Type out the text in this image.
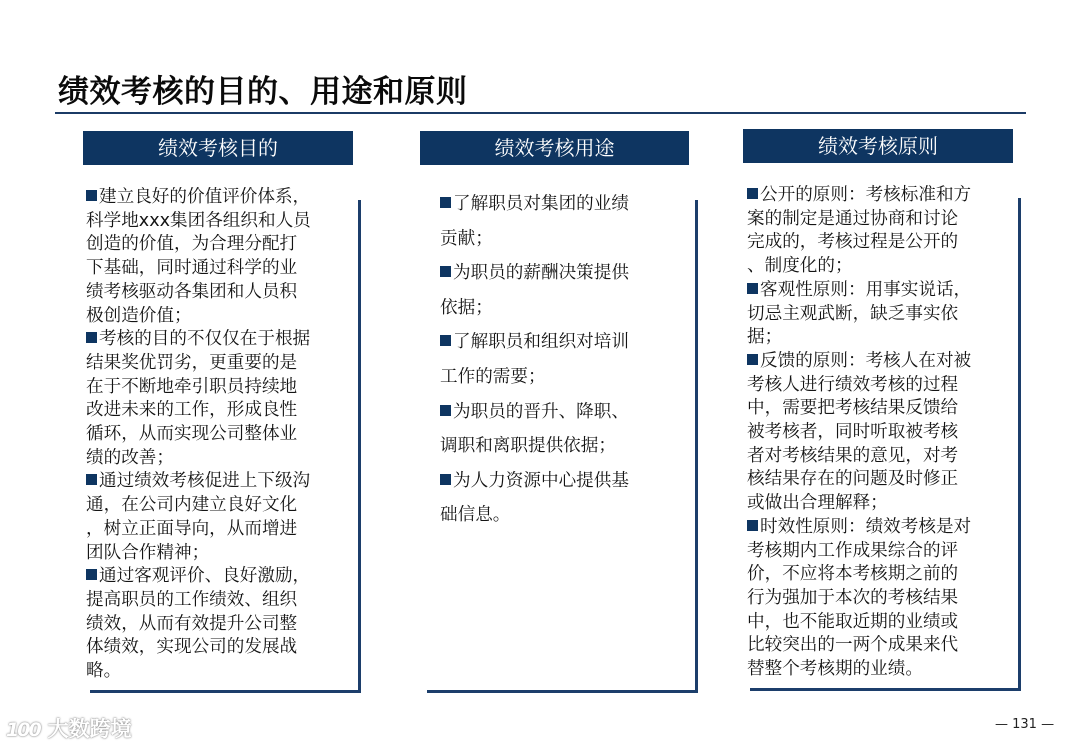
绩效考核的目的、用途和原则
绩效考核目的

建立良好的价值评价体系，

科学地xxx集团各组织和人员

创造的价值，为合理分配打

下基础，同时通过科学的业

绩考核驱动各集团和人员积

极创造价值；

考核的目的不仅仅在于根据

结果奖优罚劣，更重要的是

在于不断地牵引职员持续地

改进未来的工作，形成良性

循环，从而实现公司整体业

绩的改善；

通过绩效考核促进上下级沟

通，在公司内建立良好文化

，树立正面导向，从而增进

团队合作精神；

通过客观评价、良好激励，

提高职员的工作绩效、组织

绩效，从而有效提升公司整

体绩效，实现公司的发展战

略。

绩效考核用途

了解职员对集团的业绩

贡献；

为职员的薪酬决策提供

依据；

了解职员和组织对培训

工作的需要；

为职员的晋升、降职、

调职和离职提供依据；

为人力资源中心提供基

础信息。

绩效考核原则

公开的原则：考核标准和方

案的制定是通过协商和讨论

完成的，考核过程是公开的

、制度化的；

客观性原则：用事实说话，

切忌主观武断，缺乏事实依

据；

反馈的原则：考核人在对被

考核人进行绩效考核的过程

中，需要把考核结果反馈给

被考核者，同时听取被考核

者对考核结果的意见，对考

核结果存在的问题及时修正

或做出合理解释；

时效性原则：绩效考核是对

考核期内工作成果综合的评

价，不应将本考核期之前的

行为强加于本次的考核结果

中，也不能取近期的业绩或

比较突出的一两个成果来代

替整个考核期的业绩。

100 大数跨境	— 131 —
